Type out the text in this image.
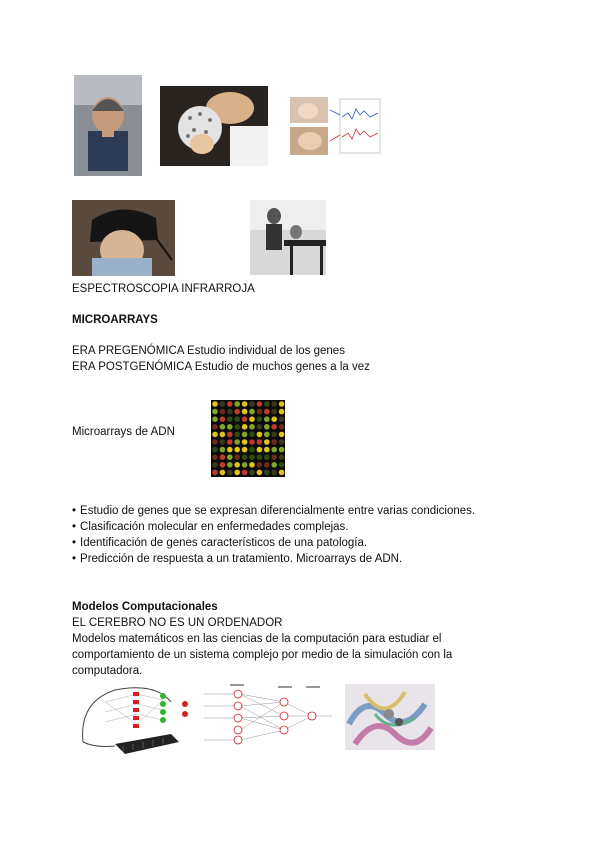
ESPECTROSCOPIA INFRARROJA
MICROARRAYS
ERA PREGENÓMICA Estudio individual de los genes
ERA POSTGENÓMICA Estudio de muchos genes a la vez
Microarrays de ADN
• Estudio de genes que se expresan diferencialmente entre varias condiciones.
• Clasificación molecular en enfermedades complejas.
• Identificación de genes característicos de una patología.
• Predicción de respuesta a un tratamiento. Microarrays de ADN.
Modelos Computacionales
EL CEREBRO NO ES UN ORDENADOR
Modelos matemáticos en las ciencias de la computación para estudiar el comportamiento de un sistema complejo por medio de la simulación con la computadora.
